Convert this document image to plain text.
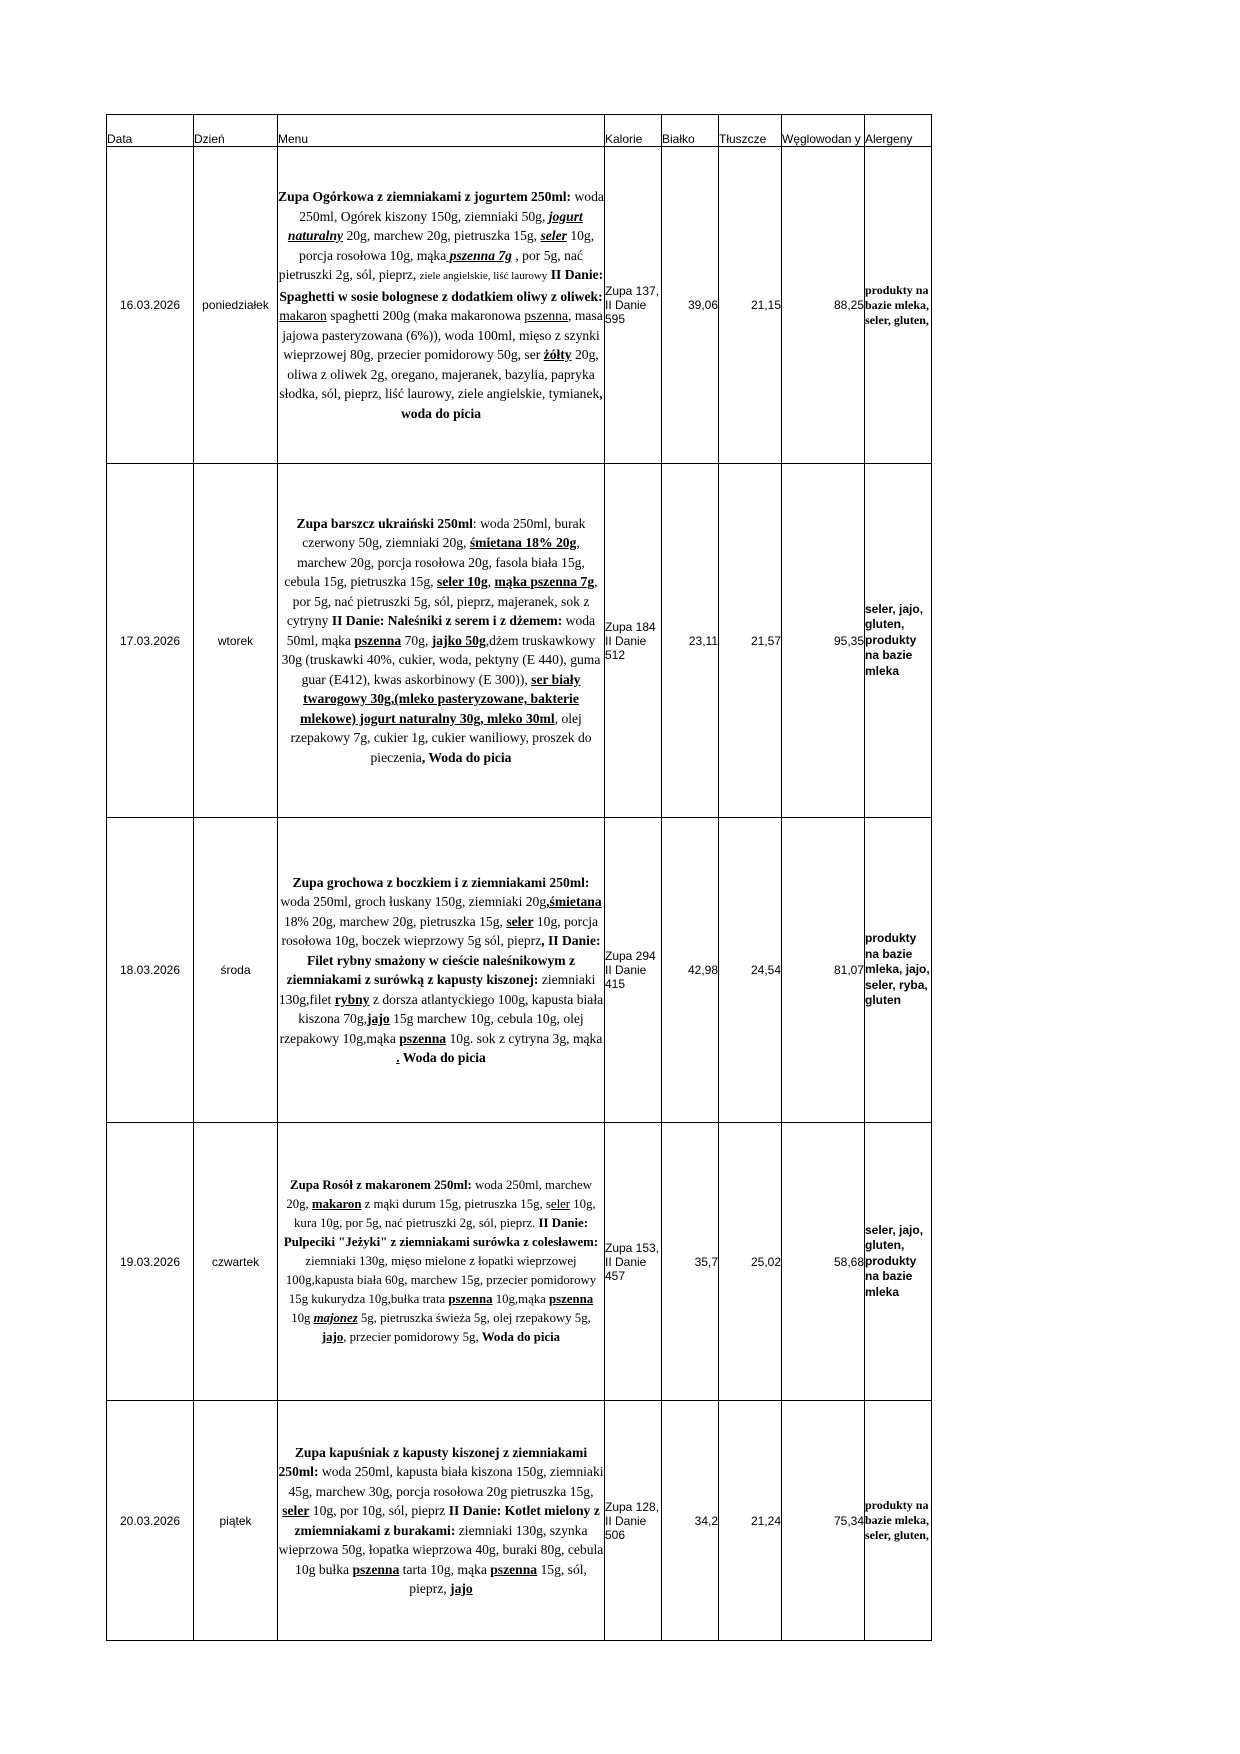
Data	Dzień	Menu	Kalorie	Białko	Tłuszcze	Węglowodan y	Alergeny
16.03.2026	poniedziałek	Zupa Ogórkowa z ziemniakami z jogurtem 250ml: woda 250ml, Ogórek kiszony 150g, ziemniaki 50g, jogurt naturalny 20g, marchew 20g, pietruszka 15g, seler 10g, porcja rosołowa 10g, mąka pszenna 7g , por 5g, nać pietruszki 2g, sól, pieprz, ziele angielskie, liść laurowy II Danie: Spaghetti w sosie bolognese z dodatkiem oliwy z oliwek: makaron spaghetti 200g (maka makaronowa pszenna, masa jajowa pasteryzowana (6%)), woda 100ml, mięso z szynki wieprzowej 80g, przecier pomidorowy 50g, ser żółty 20g, oliwa z oliwek 2g, oregano, majeranek, bazylia, papryka słodka, sól, pieprz, liść laurowy, ziele angielskie, tymianek, woda do picia	Zupa 137, II Danie 595	39,06	21,15	88,25	produkty na bazie mleka, seler, gluten,
17.03.2026	wtorek	Zupa barszcz ukraiński 250ml: woda 250ml, burak czerwony 50g, ziemniaki 20g, śmietana 18% 20g, marchew 20g, porcja rosołowa 20g, fasola biała 15g, cebula 15g, pietruszka 15g, seler 10g, mąka pszenna 7g, por 5g, nać pietruszki 5g, sól, pieprz, majeranek, sok z cytryny II Danie: Naleśniki z serem i z dżemem: woda 50ml, mąka pszenna 70g, jajko 50g,dżem truskawkowy 30g (truskawki 40%, cukier, woda, pektyny (E 440), guma guar (E412), kwas askorbinowy (E 300)), ser biały twarogowy 30g,(mleko pasteryzowane, bakterie mlekowe) jogurt naturalny 30g, mleko 30ml, olej rzepakowy 7g, cukier 1g, cukier waniliowy, proszek do pieczenia, Woda do picia	Zupa 184 II Danie 512	23,11	21,57	95,35	seler, jajo, gluten, produkty na bazie mleka
18.03.2026	środa	Zupa grochowa z boczkiem i z ziemniakami 250ml: woda 250ml, groch łuskany 150g, ziemniaki 20g,śmietana 18% 20g, marchew 20g, pietruszka 15g, seler 10g, porcja rosołowa 10g, boczek wieprzowy 5g sól, pieprz, II Danie: Filet rybny smażony w cieście naleśnikowym z ziemniakami z surówką z kapusty kiszonej: ziemniaki 130g,filet rybny z dorsza atlantyckiego 100g, kapusta biała kiszona 70g,jajo 15g marchew 10g, cebula 10g, olej rzepakowy 10g,mąka pszenna 10g. sok z cytryna 3g, mąka . Woda do picia	Zupa 294 II Danie 415	42,98	24,54	81,07	produkty na bazie mleka, jajo, seler, ryba, gluten
19.03.2026	czwartek	Zupa Rosół z makaronem 250ml: woda 250ml, marchew 20g, makaron z mąki durum 15g, pietruszka 15g, seler 10g, kura 10g, por 5g, nać pietruszki 2g, sól, pieprz. II Danie: Pulpeciki "Jeżyki" z ziemniakami surówka z colesławem: ziemniaki 130g, mięso mielone z łopatki wieprzowej 100g,kapusta biała 60g, marchew 15g, przecier pomidorowy 15g kukurydza 10g,bułka trata pszenna 10g,mąka pszenna 10g majonez 5g, pietruszka świeża 5g, olej rzepakowy 5g, jajo, przecier pomidorowy 5g, Woda do picia	Zupa 153, II Danie 457	35,7	25,02	58,68	seler, jajo, gluten, produkty na bazie mleka
20.03.2026	piątek	Zupa kapuśniak z kapusty kiszonej z ziemniakami 250ml: woda 250ml, kapusta biała kiszona 150g, ziemniaki 45g, marchew 30g, porcja rosołowa 20g pietruszka 15g, seler 10g, por 10g, sól, pieprz II Danie: Kotlet mielony z zmiemniakami z burakami: ziemniaki 130g, szynka wieprzowa 50g, łopatka wieprzowa 40g, buraki 80g, cebula 10g bułka pszenna tarta 10g, mąka pszenna 15g, sól, pieprz, jajo	Zupa 128, II Danie 506	34,2	21,24	75,34	produkty na bazie mleka, seler, gluten,
